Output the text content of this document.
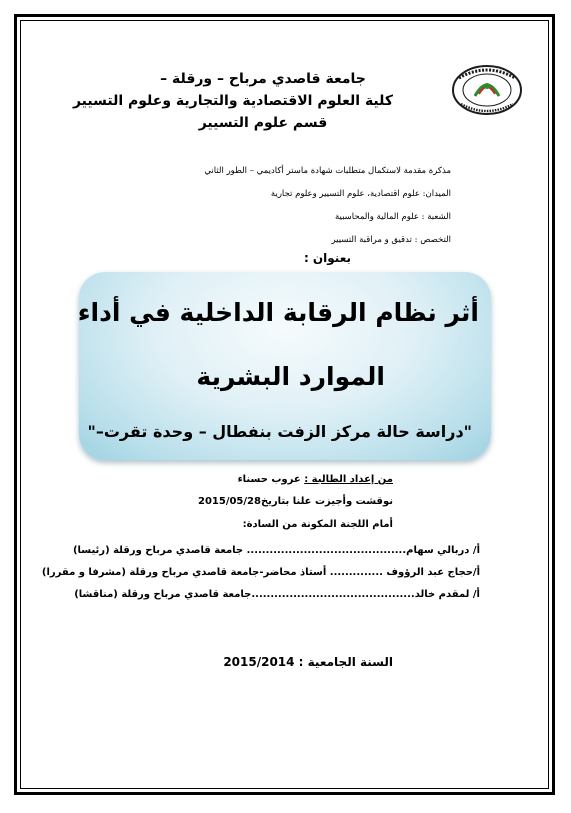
جامعة قاصدي مرباح – ورقلة –
كلية العلوم الاقتصادية والتجارية وعلوم التسيير
قسم علوم التسيير
مذكرة مقدمة لاستكمال متطلبات شهادة ماستر أكاديمي – الطور الثاني
الميدان: علوم اقتصادية، علوم التسيير وعلوم تجارية
الشعبة : علوم المالية والمحاسبية
التخصص : تدقيق و مراقبة التسيير
بعنوان :
أثر نظام الرقابة الداخلية في أداء
الموارد البشرية
"دراسة حالة مركز الزفت بنفطال – وحدة تقرت–"
من إعداد الطالبة : عروب حسناء
نوقشت وأجيزت علنا بتاريخ2015/05/28
أمام اللجنة المكونة من السادة:
أ/ دربالي سهام.......................................... جامعة قاصدي مرباح ورقلة (رئيسا)
أ/حجاج عبد الرؤوف .............. أستاذ محاضر-جامعة قاصدي مرباح ورقلة (مشرفا و مقررا)
أ/ لمقدم خالد...........................................جامعة قاصدي مرباح ورقلة (مناقشا)
السنة الجامعية : 2015/2014
